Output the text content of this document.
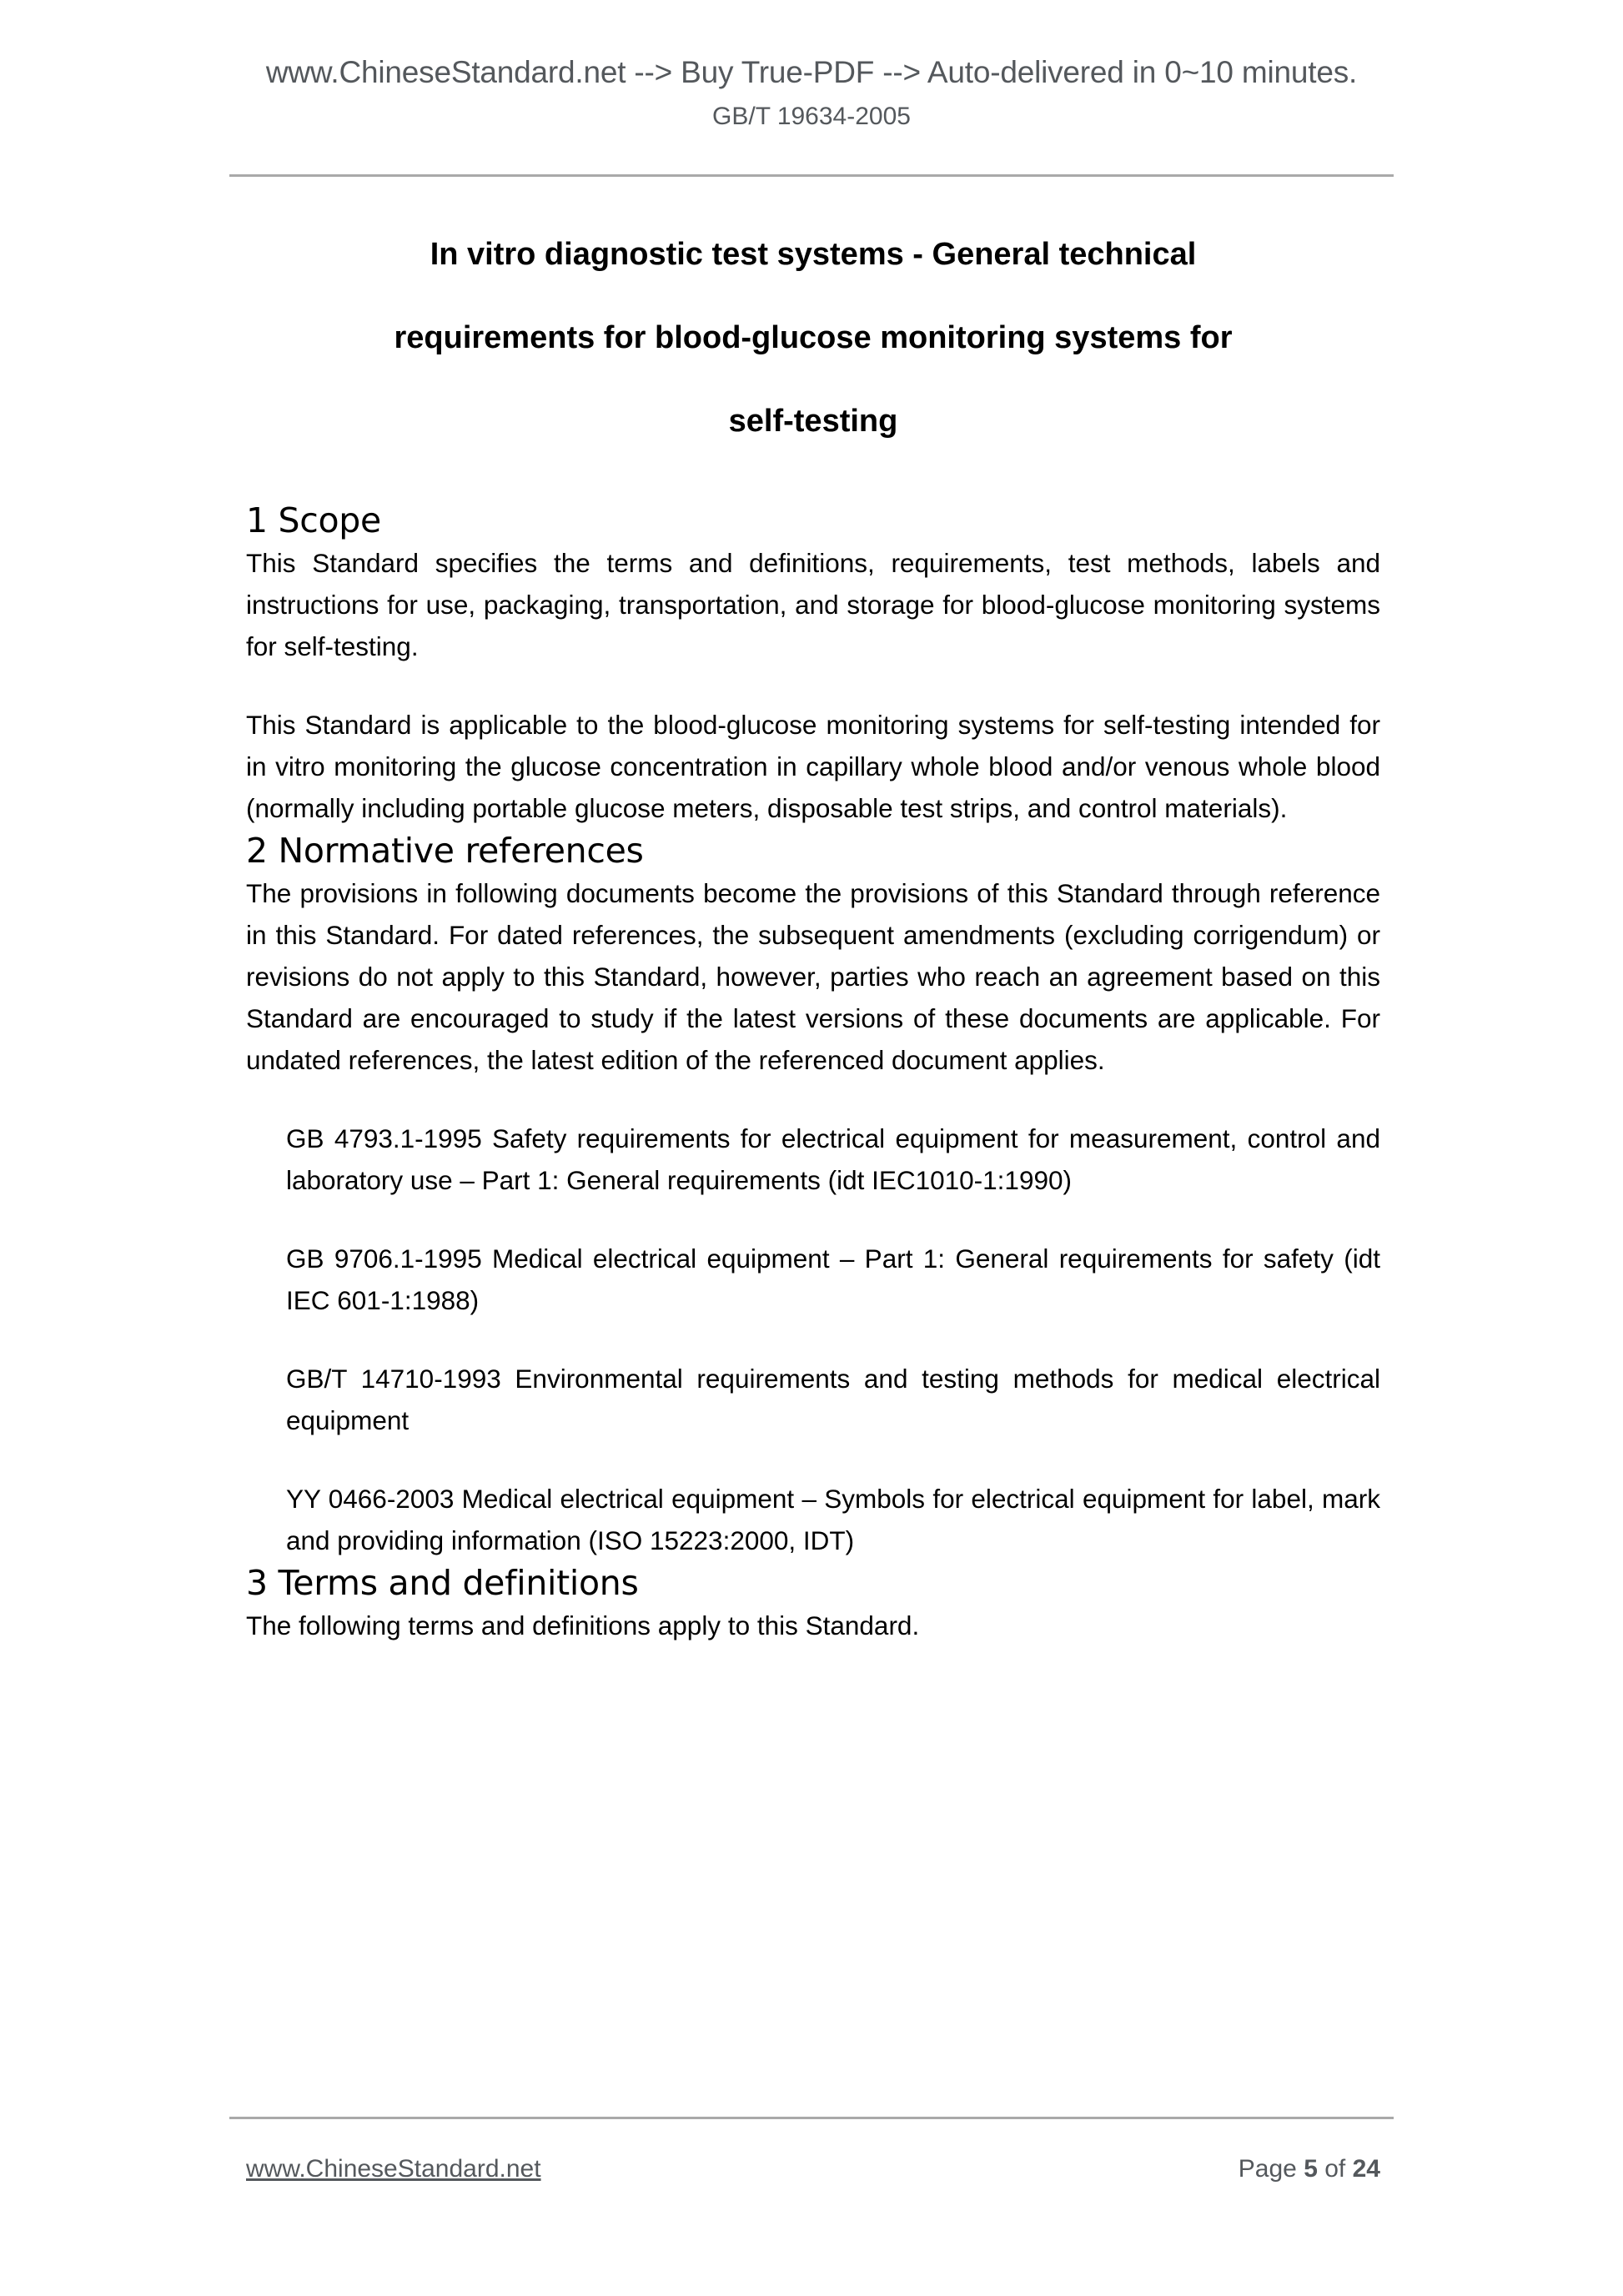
www.ChineseStandard.net --> Buy True-PDF --> Auto-delivered in 0~10 minutes.
GB/T 19634-2005
In vitro diagnostic test systems - General technical
requirements for blood-glucose monitoring systems for
self-testing
1 Scope

This Standard specifies the terms and definitions, requirements, test methods, labels and instructions for use, packaging, transportation, and storage for blood-glucose monitoring systems for self-testing.

This Standard is applicable to the blood-glucose monitoring systems for self-testing intended for in vitro monitoring the glucose concentration in capillary whole blood and/or venous whole blood (normally including portable glucose meters, disposable test strips, and control materials).

2 Normative references

The provisions in following documents become the provisions of this Standard through reference in this Standard. For dated references, the subsequent amendments (excluding corrigendum) or revisions do not apply to this Standard, however, parties who reach an agreement based on this Standard are encouraged to study if the latest versions of these documents are applicable. For undated references, the latest edition of the referenced document applies.

GB 4793.1-1995 Safety requirements for electrical equipment for measurement, control and laboratory use – Part 1: General requirements (idt IEC1010-1:1990)

GB 9706.1-1995 Medical electrical equipment – Part 1: General requirements for safety (idt IEC 601-1:1988)

GB/T 14710-1993 Environmental requirements and testing methods for medical electrical equipment

YY 0466-2003 Medical electrical equipment – Symbols for electrical equipment for label, mark and providing information (ISO 15223:2000, IDT)

3 Terms and definitions

The following terms and definitions apply to this Standard.

www.ChineseStandard.net	Page 5 of 24
